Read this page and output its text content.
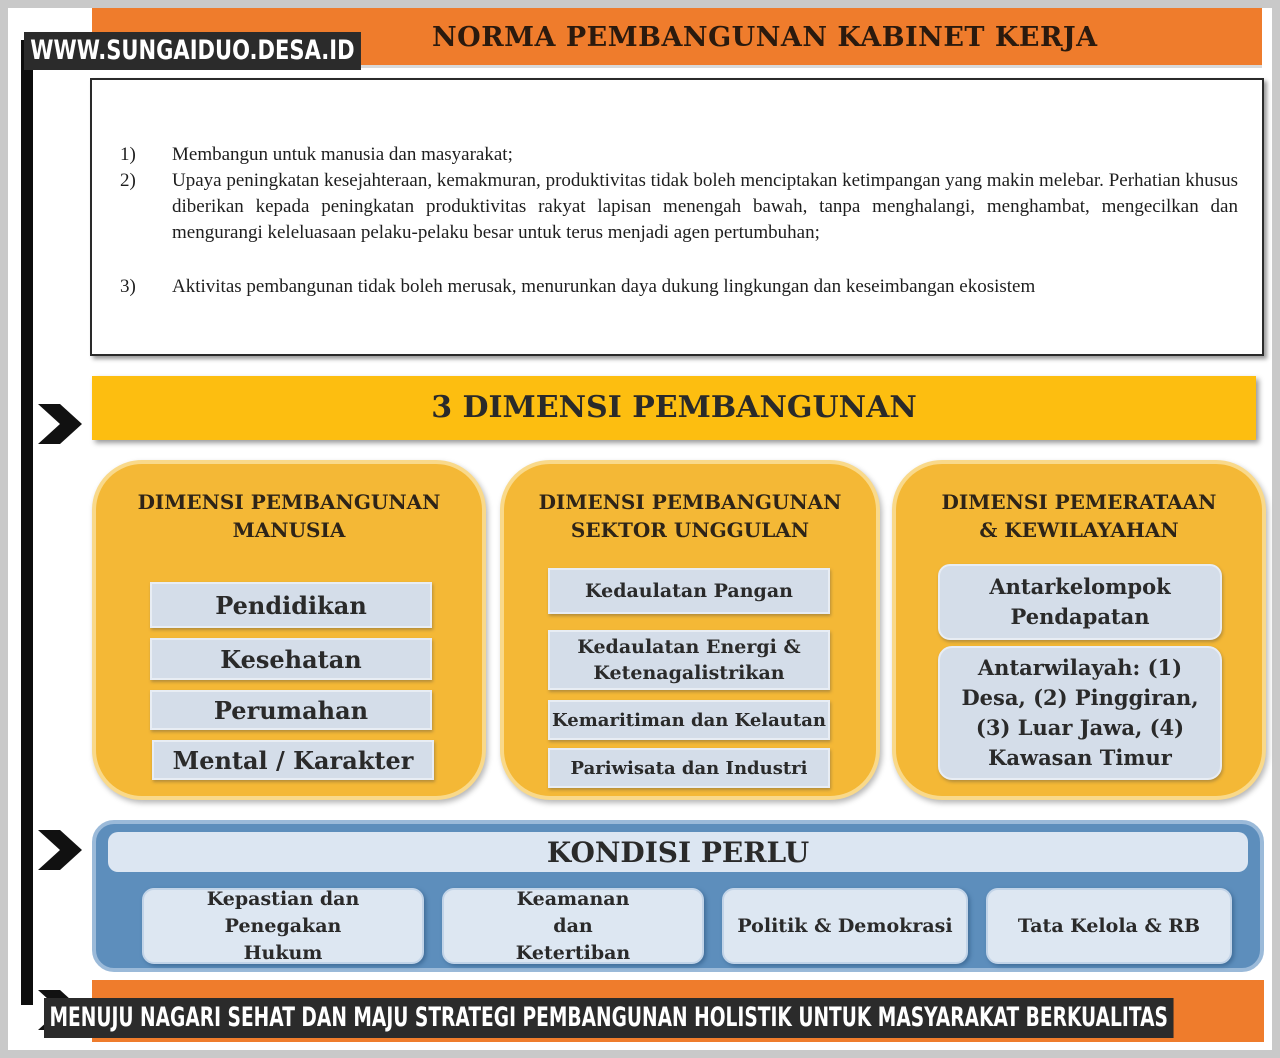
NORMA PEMBANGUNAN KABINET KERJA
WWW.SUNGAIDUO.DESA.ID
1)	Membangun untuk manusia dan masyarakat;
2)	Upaya peningkatan kesejahteraan, kemakmuran, produktivitas tidak boleh menciptakan ketimpangan yang makin melebar. Perhatian khusus diberikan kepada peningkatan produktivitas rakyat lapisan menengah bawah, tanpa menghalangi, menghambat, mengecilkan dan mengurangi keleluasaan pelaku-pelaku besar untuk terus menjadi agen pertumbuhan;
3)	Aktivitas pembangunan tidak boleh merusak, menurunkan daya dukung lingkungan dan keseimbangan ekosistem
3 DIMENSI PEMBANGUNAN
DIMENSI PEMBANGUNAN
MANUSIA
Pendidikan
Kesehatan
Perumahan
Mental / Karakter
DIMENSI PEMBANGUNAN
SEKTOR UNGGULAN
Kedaulatan Pangan
Kedaulatan Energi & Ketenagalistrikan
Kemaritiman dan Kelautan
Pariwisata dan Industri
DIMENSI PEMERATAAN
& KEWILAYAHAN
Antarkelompok Pendapatan
Antarwilayah: (1) Desa, (2) Pinggiran, (3) Luar Jawa, (4) Kawasan Timur
KONDISI PERLU
Kepastian dan Penegakan Hukum
Keamanan dan Ketertiban
Politik & Demokrasi	Tata Kelola & RB
MENUJU NAGARI SEHAT DAN MAJU STRATEGI PEMBANGUNAN HOLISTIK UNTUK MASYARAKAT BERKUALITAS
